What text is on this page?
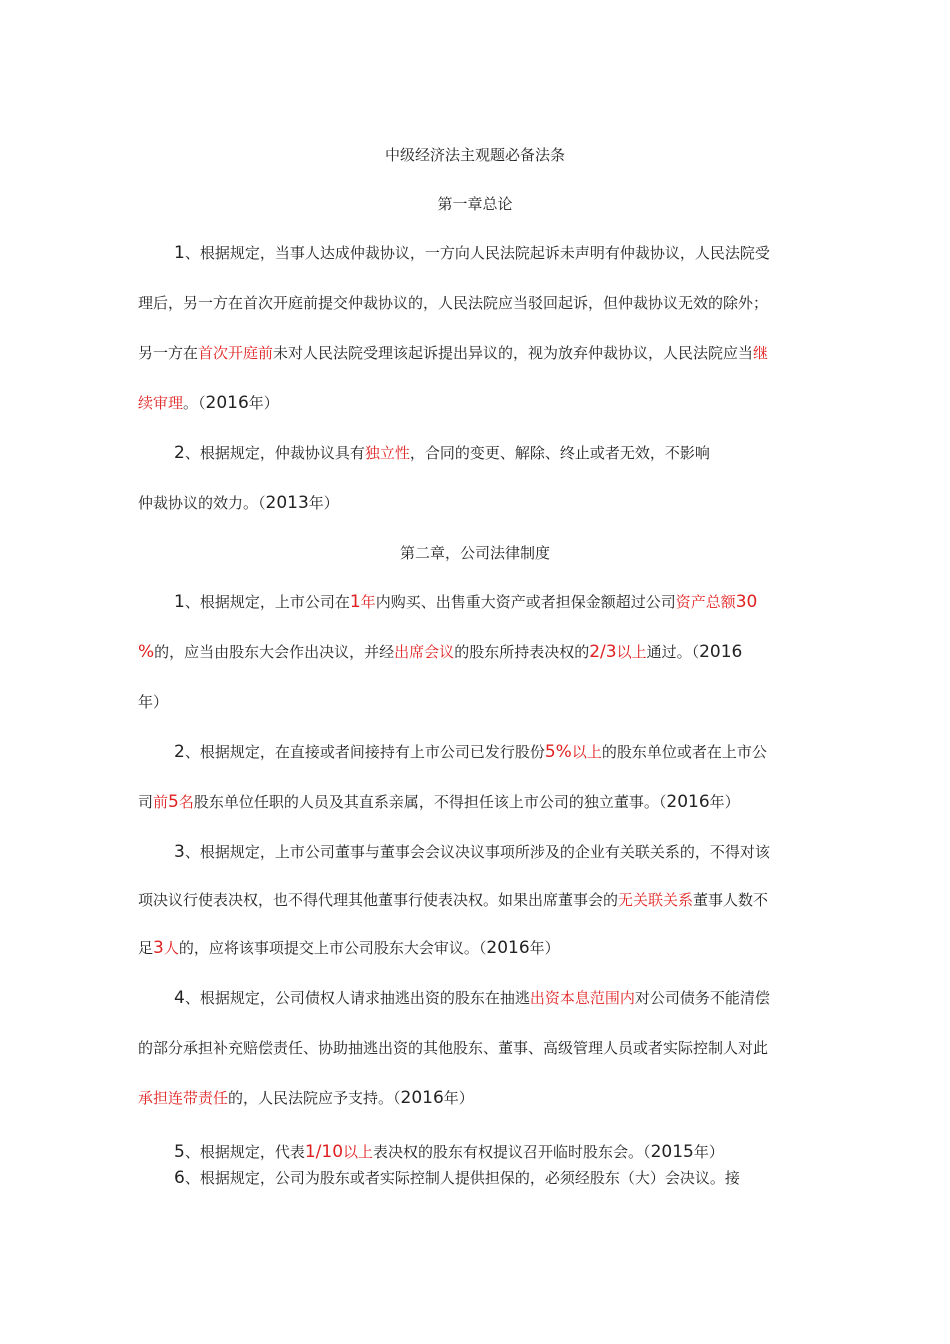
中级经济法主观题必备法条
第一章总论
第二章，公司法律制度
1、根据规定，当事人达成仲裁协议，一方向人民法院起诉未声明有仲裁协议，人民法院受
理后，另一方在首次开庭前提交仲裁协议的，人民法院应当驳回起诉，但仲裁协议无效的除外；
另一方在首次开庭前未对人民法院受理该起诉提出异议的，视为放弃仲裁协议，人民法院应当继
续审理。（2016年）
2、根据规定，仲裁协议具有独立性，合同的变更、解除、终止或者无效，不影响
仲裁协议的效力。（2013年）
1、根据规定，上市公司在1年内购买、出售重大资产或者担保金额超过公司资产总额30
%的，应当由股东大会作出决议，并经出席会议的股东所持表决权的2/3以上通过。（2016
年）
2、根据规定，在直接或者间接持有上市公司已发行股份5%以上的股东单位或者在上市公
司前5名股东单位任职的人员及其直系亲属，不得担任该上市公司的独立董事。（2016年）
3、根据规定，上市公司董事与董事会会议决议事项所涉及的企业有关联关系的，不得对该
项决议行使表决权，也不得代理其他董事行使表决权。如果出席董事会的无关联关系董事人数不
足3人的，应将该事项提交上市公司股东大会审议。（2016年）
4、根据规定，公司债权人请求抽逃出资的股东在抽逃出资本息范围内对公司债务不能清偿
的部分承担补充赔偿责任、协助抽逃出资的其他股东、董事、高级管理人员或者实际控制人对此
承担连带责任的，人民法院应予支持。（2016年）
5、根据规定，代表1/10以上表决权的股东有权提议召开临时股东会。（2015年）
6、根据规定，公司为股东或者实际控制人提供担保的，必须经股东（大）会决议。接
